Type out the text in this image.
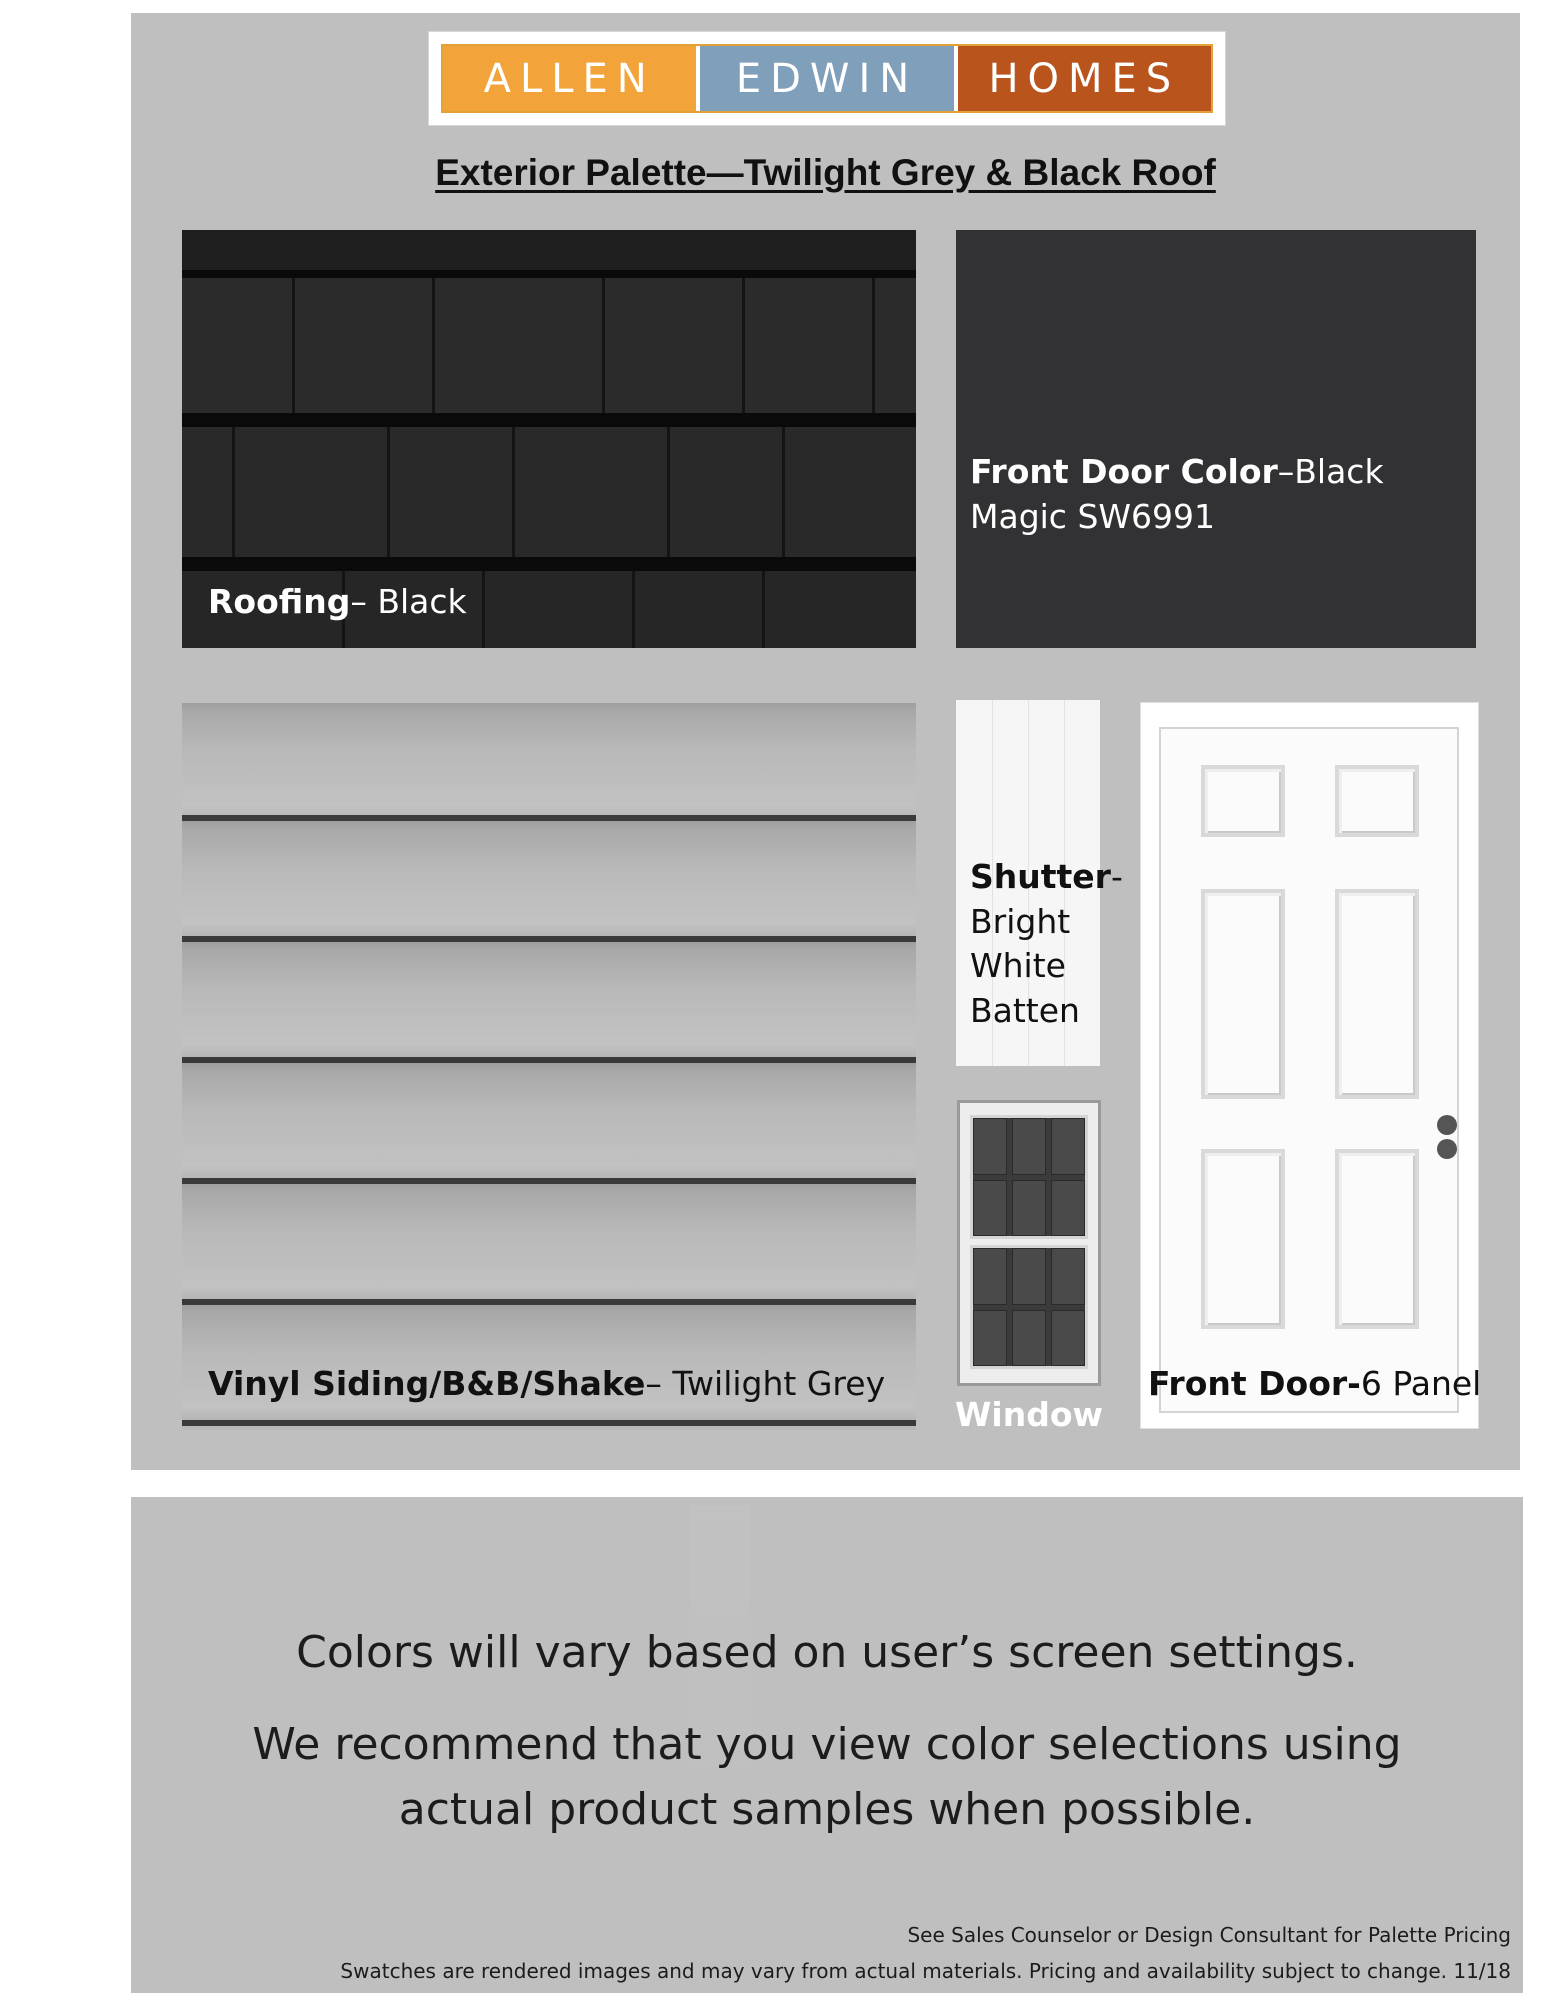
ALLEN	EDWIN	HOMES
Exterior Palette—Twilight Grey & Black Roof
Roofing– Black
Front Door Color–Black
Magic SW6991
Vinyl Siding/B&B/Shake– Twilight Grey
Shutter-
Bright
White
Batten
Window
Front Door-6 Panel
Colors will vary based on user’s screen settings.
We recommend that you view color selections using
actual product samples when possible.
See Sales Counselor or Design Consultant for Palette Pricing
Swatches are rendered images and may vary from actual materials. Pricing and availability subject to change. 11/18
